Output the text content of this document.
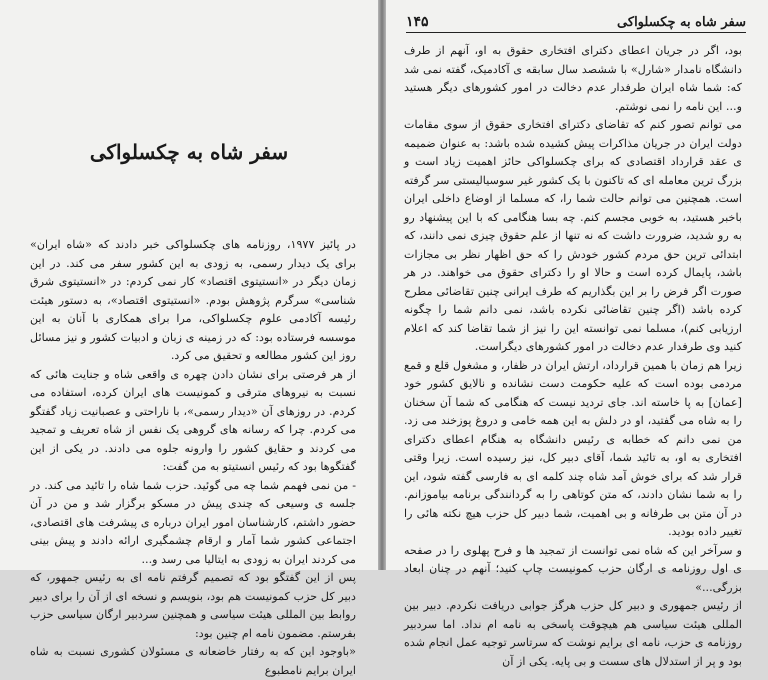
سفر شاه به چکسلواکی

در پائیز ۱۹۷۷، روزنامه های چکسلواکی خبر دادند که «شاه ایران» برای یک دیدار رسمی، به زودی به این کشور سفر می کند. در این زمان دیگر در «انستیتوی اقتصاد» کار نمی کردم: در «انستیتوی شرق شناسی» سرگرم پژوهش بودم. «انستیتوی اقتصاد»، به دستور هیئت رئیسه آکادمی علوم چکسلواکی، مرا برای همکاری با آنان به این موسسه فرستاده بود: که در زمینه ی زبان و ادبیات کشور و نیز مسائل روز این کشور مطالعه و تحقیق می کرد.

از هر فرصتی برای نشان دادن چهره ی واقعی شاه و جنایت هائی که نسبت به نیروهای مترقی و کمونیست های ایران کرده، استفاده می کردم. در روزهای آن «دیدار رسمی»، با ناراحتی و عصبانیت زیاد گفتگو می کردم. چرا که رسانه های گروهی یک نفس از شاه تعریف و تمجید می کردند و حقایق کشور را وارونه جلوه می دادند. در یکی از این گفتگوها بود که رئیس انستیتو به من گفت:

- من نمی فهمم شما چه می گوئید. حزب شما شاه را تائید می کند. در جلسه ی وسیعی که چندی پیش در مسکو برگزار شد و من در آن حضور داشتم، کارشناسان امور ایران درباره ی پیشرفت های اقتصادی، اجتماعی کشور شما آمار و ارقام چشمگیری ارائه دادند و پیش بینی می کردند ایران به زودی به ایتالیا می رسد و...

پس از این گفتگو بود که تصمیم گرفتم نامه ای به رئیس جمهور، که دبیر کل حزب کمونیست هم بود، بنویسم و نسخه ای از آن را برای دبیر روابط بین المللی هیئت سیاسی و همچنین سردبیر ارگان سیاسی حزب بفرستم. مضمون نامه ام چنین بود:

«باوجود این که به رفتار خاضعانه ی مسئولان کشوری نسبت به شاه ایران برایم نامطبوع

سفر شاه به چکسلواکی
۱۴۵

بود، اگر در جریان اعطای دکترای افتخاری حقوق به او، آنهم از طرف دانشگاه نامدار «شارل» با ششصد سال سابقه ی آکادمیک، گفته نمی شد که: شما شاه ایران طرفدار عدم دخالت در امور کشورهای دیگر هستید و... این نامه را نمی نوشتم.

می توانم تصور کنم که تقاضای دکترای افتخاری حقوق از سوی مقامات دولت ایران در جریان مذاکرات پیش کشیده شده باشد: به عنوان ضمیمه ی عقد قرارداد اقتصادی که برای چکسلواکی حائز اهمیت زیاد است و بزرگ ترین معامله ای که تاکنون با یک کشور غیر سوسیالیستی سر گرفته است. همچنین می توانم حالت شما را، که مسلما از اوضاع داخلی ایران باخبر هستید، به خوبی مجسم کنم. چه بسا هنگامی که با این پیشنهاد رو به رو شدید، ضرورت داشت که نه تنها از علم حقوق چیزی نمی دانند، که ابتدائی ترین حق مردم کشور خودش را که حق اظهار نظر بی مجازات باشد، پایمال کرده است و حالا او را دکترای حقوق می خواهند. در هر صورت اگر فرض را بر این بگذاریم که طرف ایرانی چنین تقاضائی مطرح کرده باشد (اگر چنین تقاضائی نکرده باشد، نمی دانم شما را چگونه ارزیابی کنم)، مسلما نمی توانسته این را نیز از شما تقاضا کند که اعلام کنید وی طرفدار عدم دخالت در امور کشورهای دیگراست.

زیرا هم زمان با همین قرارداد، ارتش ایران در ظفار، و مشغول قلع و قمع مردمی بوده است که علیه حکومت دست نشانده و نالایق کشور خود [عمان] به پا خاسته اند. جای تردید نیست که هنگامی که شما آن سخنان را به شاه می گفتید، او در دلش به این همه خامی و دروغ پوزخند می زد. من نمی دانم که خطابه ی رئیس دانشگاه به هنگام اعطای دکترای افتخاری به او، به تائید شما، آقای دبیر کل، نیز رسیده است. زیرا وقتی قرار شد که برای خوش آمد شاه چند کلمه ای به فارسی گفته شود، این را به شما نشان دادند، که متن کوتاهی را به گردانندگی برنامه بیاموزانم. در آن متن بی طرفانه و بی اهمیت، شما دبیر کل حزب هیچ نکته هائی را تغییر داده بودید.

و سرآخر این که شاه نمی توانست از تمجید ها و فرح پهلوی را در صفحه ی اول روزنامه ی ارگان حزب کمونیست چاپ کنید؛ آنهم در چنان ابعاد بزرگی...»

از رئیس جمهوری و دبیر کل حزب هرگز جوابی دریافت نکردم. دبیر بین المللی هیئت سیاسی هم هیچوقت پاسخی به نامه ام نداد. اما سردبیر روزنامه ی حزب، نامه ای برایم نوشت که سرتاسر توجیه عمل انجام شده بود و پر از استدلال های سست و بی پایه. یکی از آن
